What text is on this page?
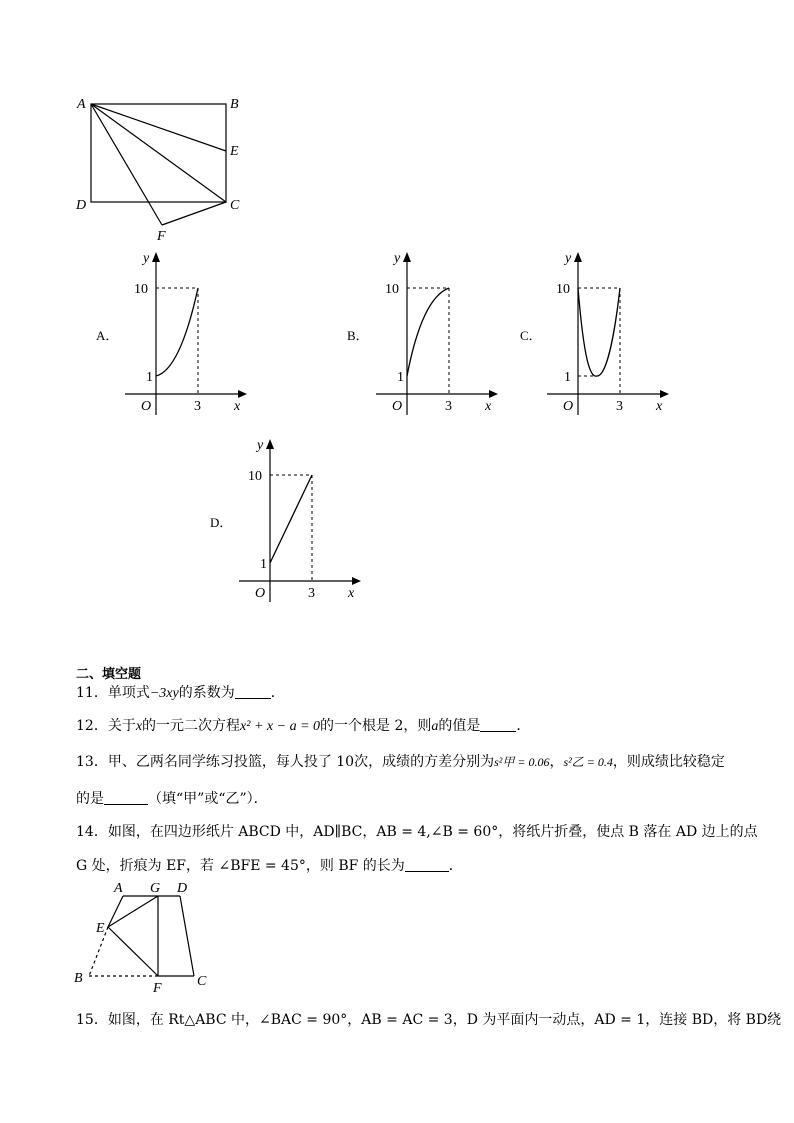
A	B
E
D	C
F
A．
y
10
1
O	3 x
B．
y
10
1
O	3 x
C．
y
10
1
O	3 x
D．
y
10
1
O	3 x
A G D
E
B
F	C
二、填空题
11．单项式−3xy的系数为	．
12．关于x的一元二次方程x² + x − a = 0的一个根是 2，则a的值是	．
13．甲、乙两名同学练习投篮，每人投了 10次，成绩的方差分别为s²甲 = 0.06，s²乙 = 0.4，则成绩比较稳定
的是	（填“甲”或“乙”）．
14．如图，在四边形纸片 ABCD 中，AD∥BC，AB = 4,∠B = 60°，将纸片折叠，使点 B 落在 AD 边上的点
G 处，折痕为 EF，若 ∠BFE = 45°，则 BF 的长为	．
15．如图，在 Rt△ABC 中，∠BAC = 90°，AB = AC = 3，D 为平面内一动点，AD = 1，连接 BD，将 BD绕
